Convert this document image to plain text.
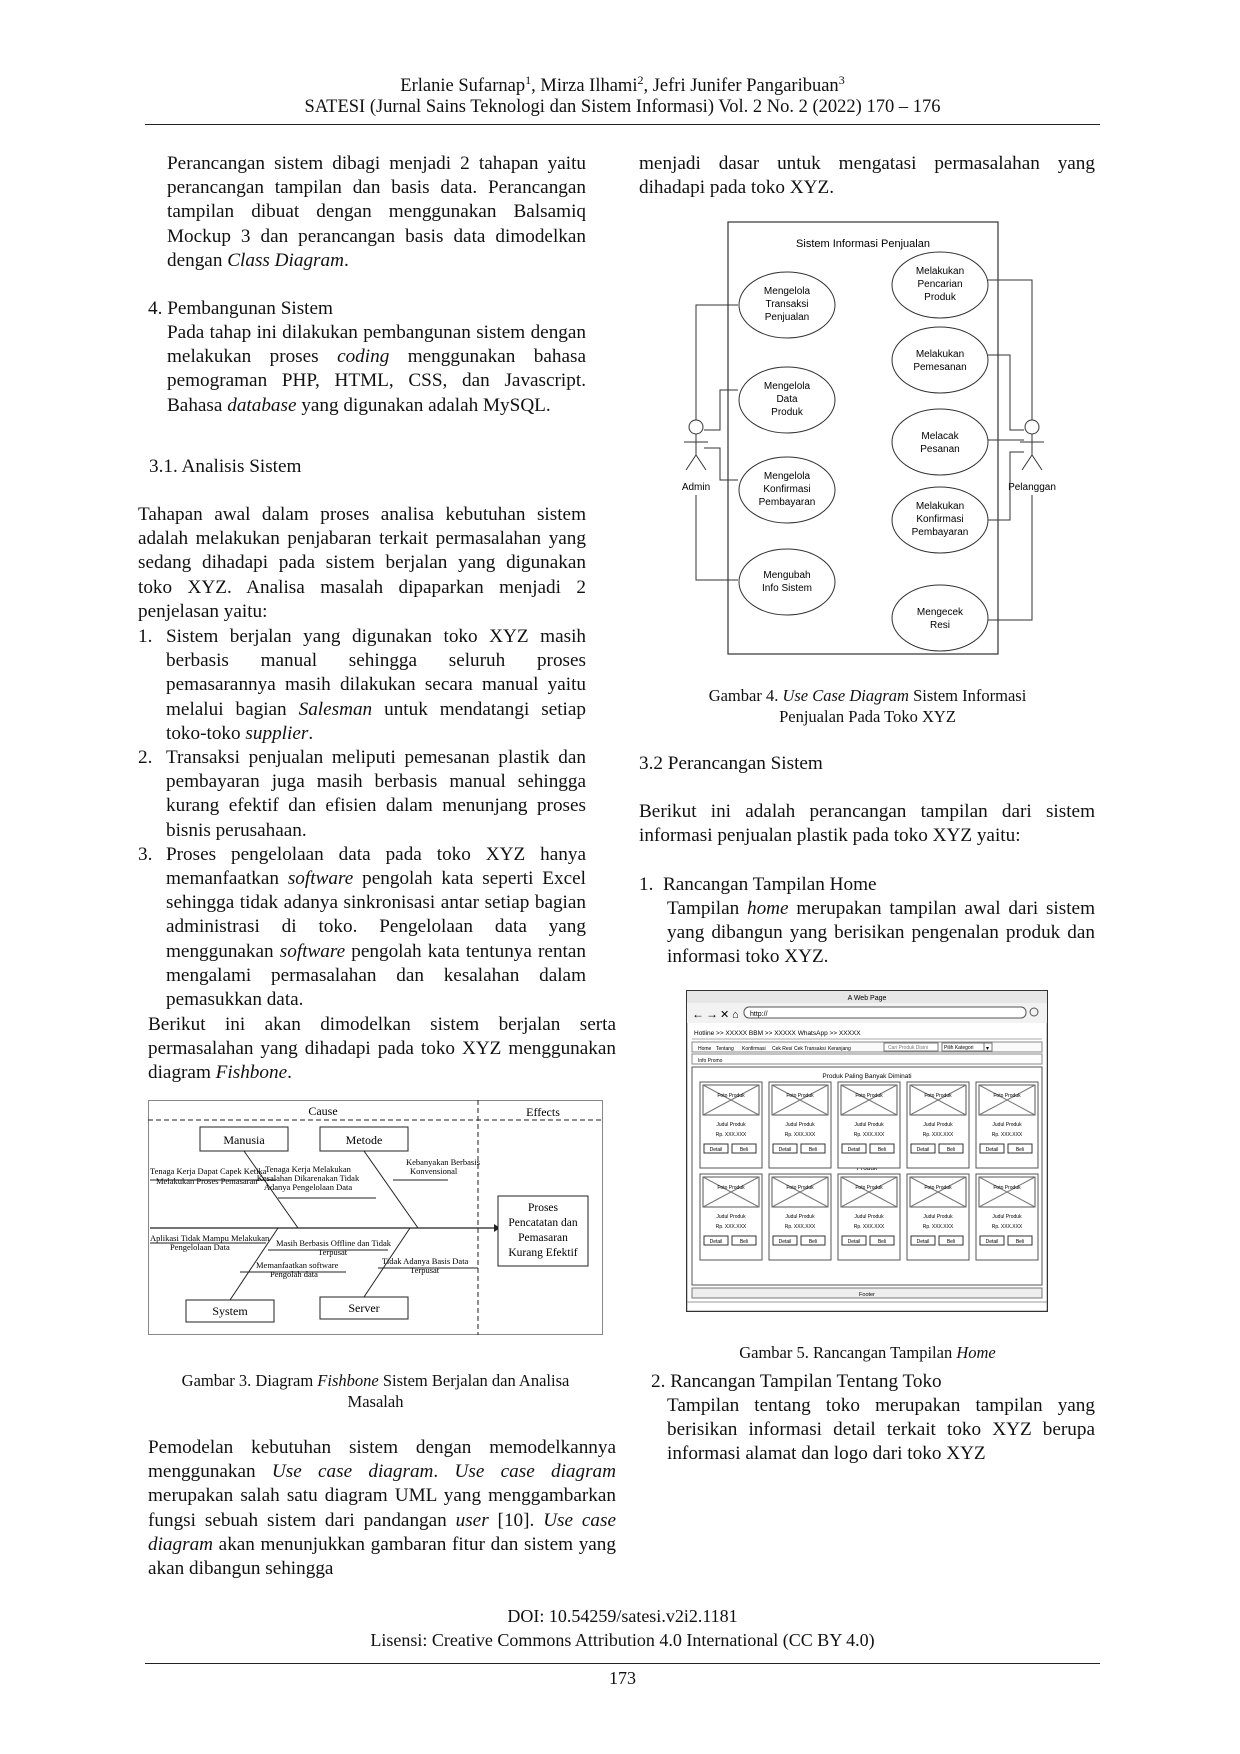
Erlanie Sufarnap$^1$, Mirza Ilhami$^2$, Jefri Junifer Pangaribuan$^3$
SATESI (Jurnal Sains Teknologi dan Sistem Informasi) Vol. 2 No. 2 (2022) 170 – 176
Perancangan sistem dibagi menjadi 2 tahapan yaitu perancangan tampilan dan basis data. Perancangan tampilan dibuat dengan menggunakan Balsamiq Mockup 3 dan perancangan basis data dimodelkan dengan Class Diagram.
4. Pembangunan Sistem
Pada tahap ini dilakukan pembangunan sistem dengan melakukan proses coding menggunakan bahasa pemograman PHP, HTML, CSS, dan Javascript. Bahasa database yang digunakan adalah MySQL.
3.1. Analisis Sistem
Tahapan awal dalam proses analisa kebutuhan sistem adalah melakukan penjabaran terkait permasalahan yang sedang dihadapi pada sistem berjalan yang digunakan toko XYZ. Analisa masalah dipaparkan menjadi 2 penjelasan yaitu:
1. Sistem berjalan yang digunakan toko XYZ masih berbasis manual sehingga seluruh proses pemasarannya masih dilakukan secara manual yaitu melalui bagian Salesman untuk mendatangi setiap toko-toko supplier.
2. Transaksi penjualan meliputi pemesanan plastik dan pembayaran juga masih berbasis manual sehingga kurang efektif dan efisien dalam menunjang proses bisnis perusahaan.
3. Proses pengelolaan data pada toko XYZ hanya memanfaatkan software pengolah kata seperti Excel sehingga tidak adanya sinkronisasi antar setiap bagian administrasi di toko. Pengelolaan data yang menggunakan software pengolah kata tentunya rentan mengalami permasalahan dan kesalahan dalam pemasukkan data.
Berikut ini akan dimodelkan sistem berjalan serta permasalahan yang dihadapi pada toko XYZ menggunakan diagram Fishbone.
Cause	Effects
Manusia	Metode
System	Server
Tenaga Kerja Dapat Capek Ketika
Melakukan Proses Pemasaran
Tenaga Kerja Melakukan
Kesalahan Dikarenakan Tidak
Adanya Pengelolaan Data
Kebanyakan Berbasis
Konvensional
Aplikasi Tidak Mampu Melakukan
Pengelolaan Data	Masih Berbasis Offline dan Tidak
Terpusat
Memanfaatkan software
Pengolah data
Tidak Adanya Basis Data
Terpusat
Proses
Pencatatan dan
Pemasaran
Kurang Efektif
Gambar 3. Diagram Fishbone Sistem Berjalan dan Analisa
Masalah
Pemodelan kebutuhan sistem dengan memodelkannya menggunakan Use case diagram. Use case diagram merupakan salah satu diagram UML yang menggambarkan fungsi sebuah sistem dari pandangan user [10]. Use case diagram akan menunjukkan gambaran fitur dan sistem yang akan dibangun sehingga
menjadi dasar untuk mengatasi permasalahan yang dihadapi pada toko XYZ.
Sistem Informasi Penjualan
Admin	Pelanggan
Mengelola
Transaksi
Penjualan
Mengelola
Data
Produk
Mengelola
Konfirmasi
Pembayaran
Mengubah
Info Sistem
Melakukan
Pencarian
Produk
Melakukan
Pemesanan
Melacak
Pesanan
Melakukan
Konfirmasi
Pembayaran
Mengecek
Resi
Gambar 4. Use Case Diagram Sistem Informasi
Penjualan Pada Toko XYZ
3.2 Perancangan Sistem
Berikut ini adalah perancangan tampilan dari sistem informasi penjualan plastik pada toko XYZ yaitu:
1. Rancangan Tampilan Home
Tampilan home merupakan tampilan awal dari sistem yang dibangun yang berisikan pengenalan produk dan informasi toko XYZ.
A Web Page
← → ✕ ⌂ http://
Hotline >> XXXXX BBM >> XXXXX WhatsApp >> XXXXX
Home Tentang Konfirmasi Cek Resi Cek Transaksi Keranjang	Cari Produk Disini	Pilih Kategori ▾
Info Promo
Produk Paling Banyak Diminati
Foto Produk
Judul Produk
Rp. XXX.XXX
Detail	Beli
Foto Produk
Judul Produk
Rp. XXX.XXX
Detail	Beli
Foto Produk
Judul Produk
Rp. XXX.XXX
Detail	Beli
Foto Produk
Judul Produk
Rp. XXX.XXX
Detail	Beli
Foto Produk
Judul Produk
Rp. XXX.XXX
Detail	Beli
Foto Produk
Judul Produk
Rp. XXX.XXX
Detail	Beli
Foto Produk
Judul Produk
Rp. XXX.XXX
Detail	Beli
Foto Produk
Judul Produk
Rp. XXX.XXX
Detail	Beli
Foto Produk
Judul Produk
Rp. XXX.XXX
Detail	Beli
Foto Produk
Judul Produk
Rp. XXX.XXX
Detail	Beli
Footer
Gambar 5. Rancangan Tampilan Home
2. Rancangan Tampilan Tentang Toko
Tampilan tentang toko merupakan tampilan yang berisikan informasi detail terkait toko XYZ berupa informasi alamat dan logo dari toko XYZ
DOI: 10.54259/satesi.v2i2.1181
Lisensi: Creative Commons Attribution 4.0 International (CC BY 4.0)
173
